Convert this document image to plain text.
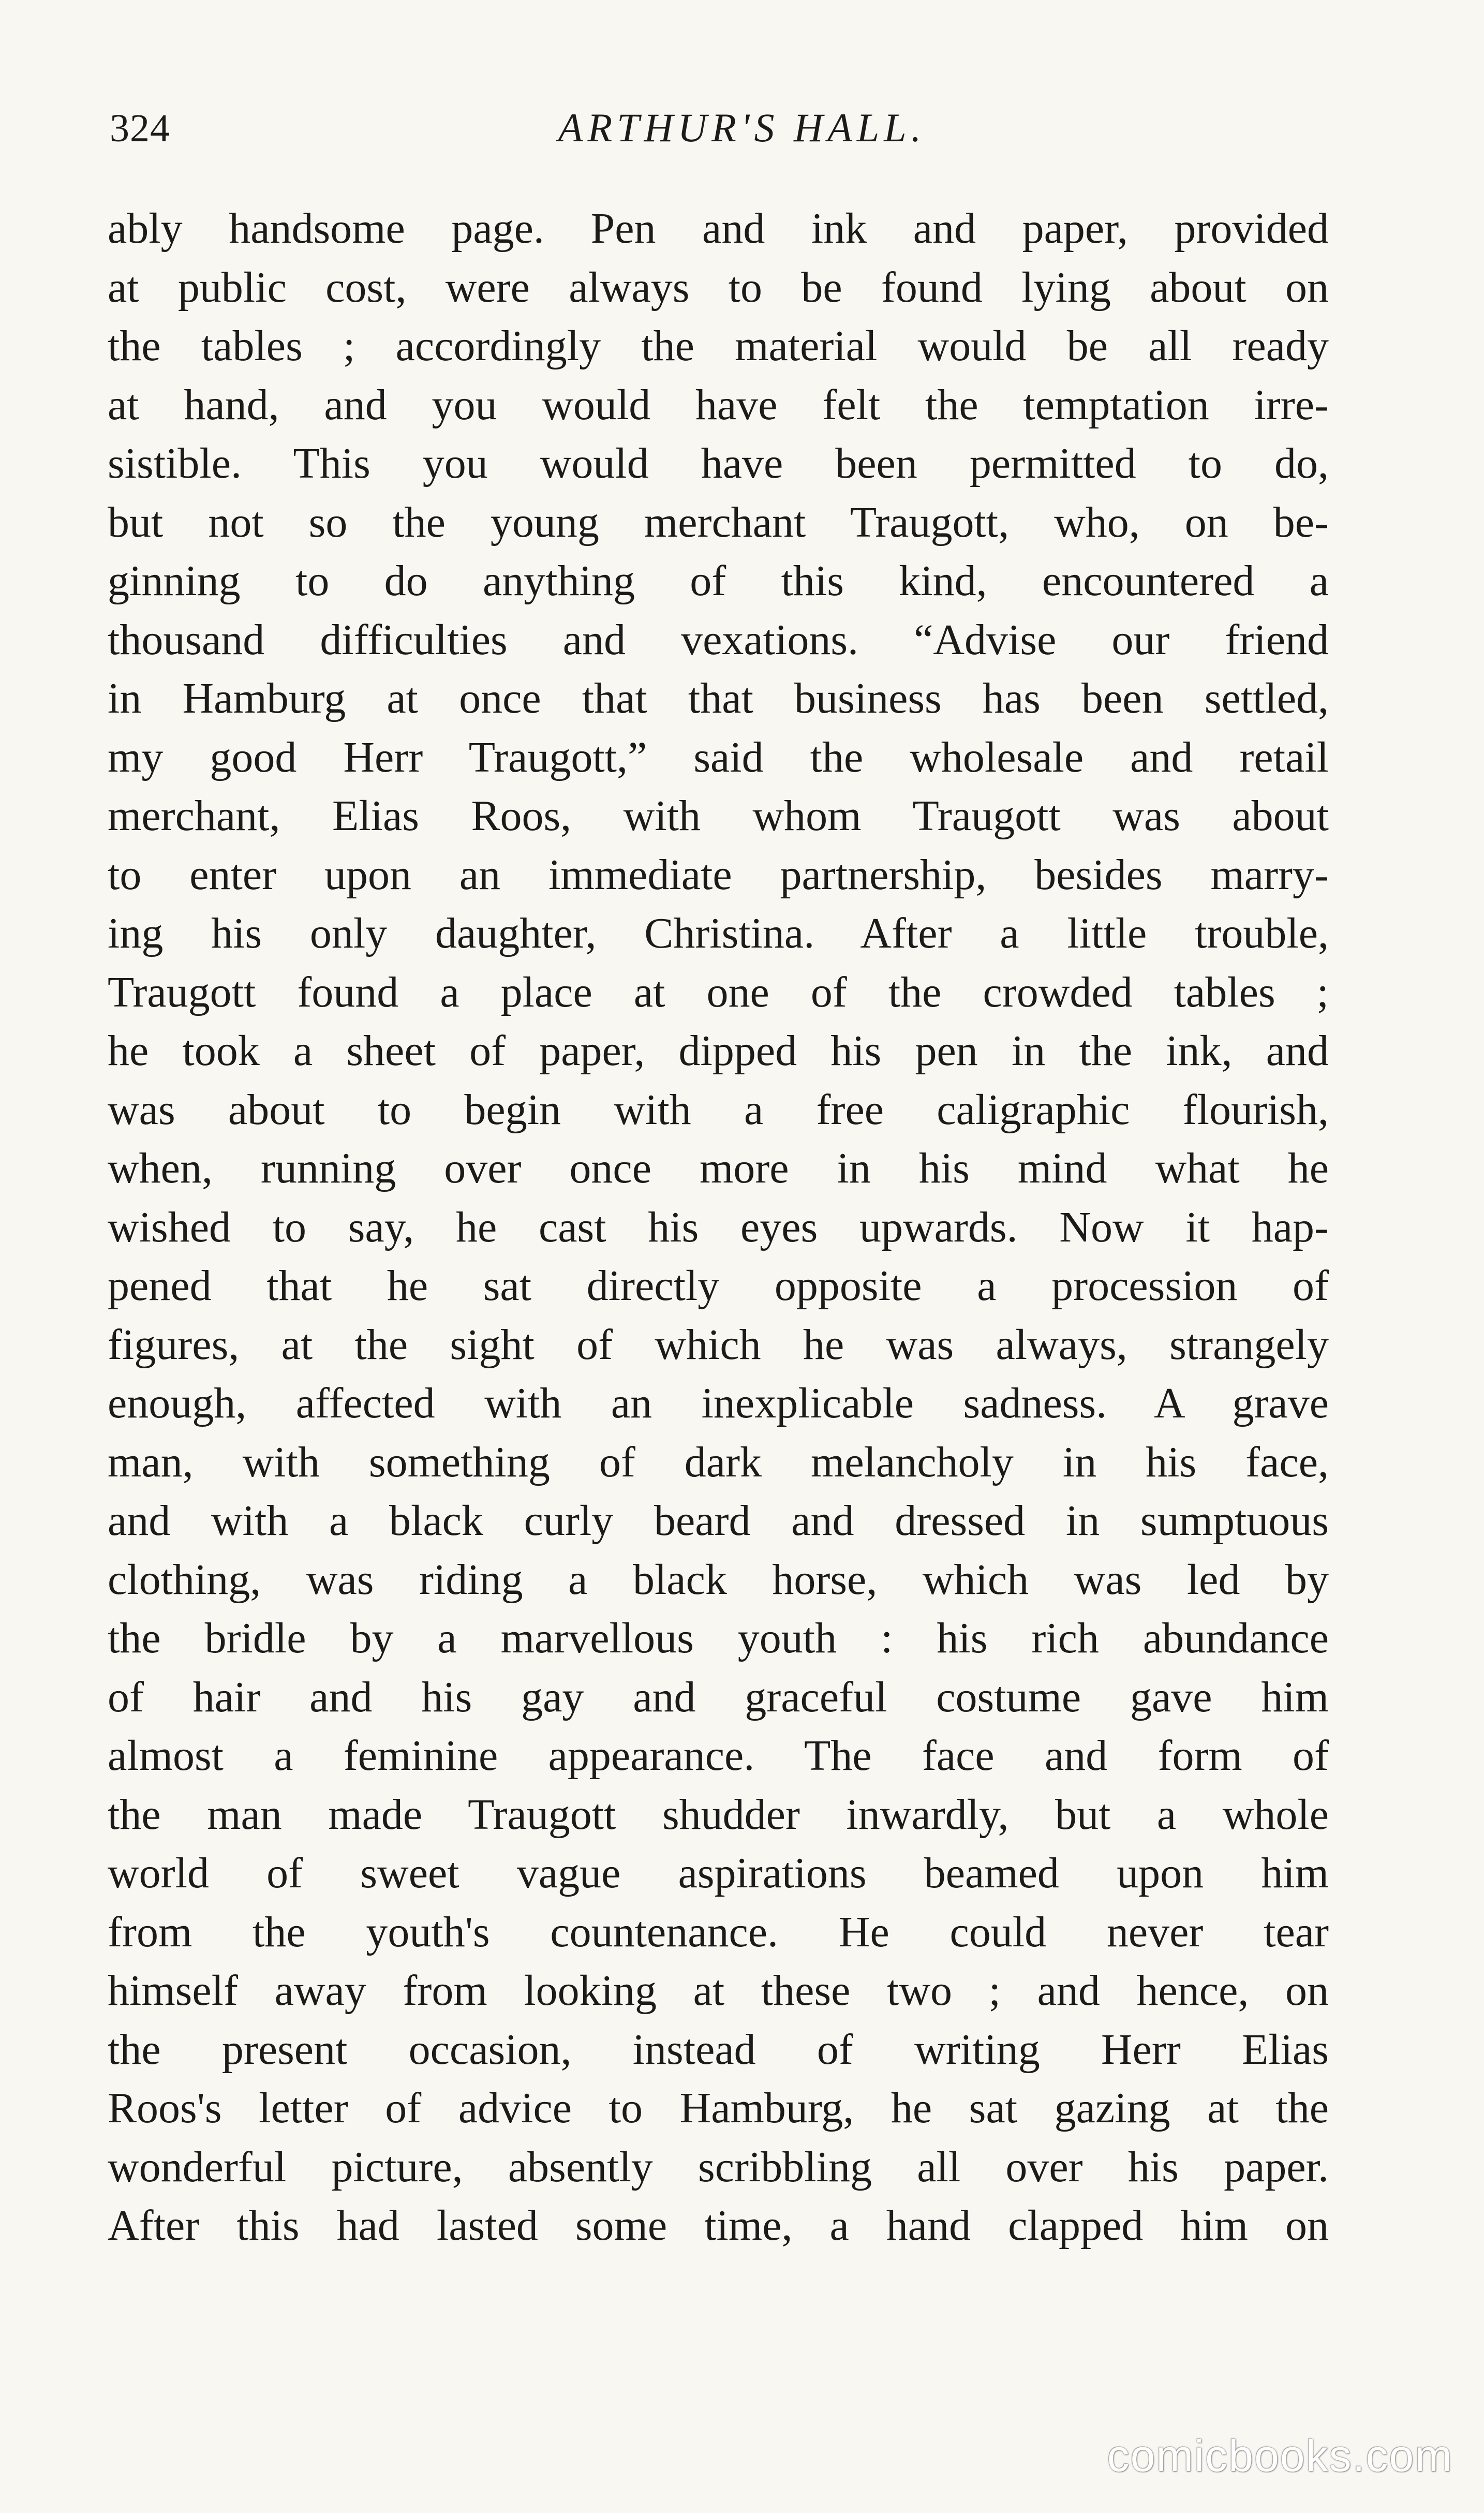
324	ARTHUR'S HALL.
ably handsome page. Pen and ink and paper, provided
at public cost, were always to be found lying about on
the tables ; accordingly the material would be all ready
at hand, and you would have felt the temptation irre-
sistible. This you would have been permitted to do,
but not so the young merchant Traugott, who, on be-
ginning to do anything of this kind, encountered a
thousand difficulties and vexations. “Advise our friend
in Hamburg at once that that business has been settled,
my good Herr Traugott,” said the wholesale and retail
merchant, Elias Roos, with whom Traugott was about
to enter upon an immediate partnership, besides marry-
ing his only daughter, Christina. After a little trouble,
Traugott found a place at one of the crowded tables ;
he took a sheet of paper, dipped his pen in the ink, and
was about to begin with a free caligraphic flourish,
when, running over once more in his mind what he
wished to say, he cast his eyes upwards. Now it hap-
pened that he sat directly opposite a procession of
figures, at the sight of which he was always, strangely
enough, affected with an inexplicable sadness. A grave
man, with something of dark melancholy in his face,
and with a black curly beard and dressed in sumptuous
clothing, was riding a black horse, which was led by
the bridle by a marvellous youth : his rich abundance
of hair and his gay and graceful costume gave him
almost a feminine appearance. The face and form of
the man made Traugott shudder inwardly, but a whole
world of sweet vague aspirations beamed upon him
from the youth's countenance. He could never tear
himself away from looking at these two ; and hence, on
the present occasion, instead of writing Herr Elias
Roos's letter of advice to Hamburg, he sat gazing at the
wonderful picture, absently scribbling all over his paper.
After this had lasted some time, a hand clapped him on
comicbooks.com
